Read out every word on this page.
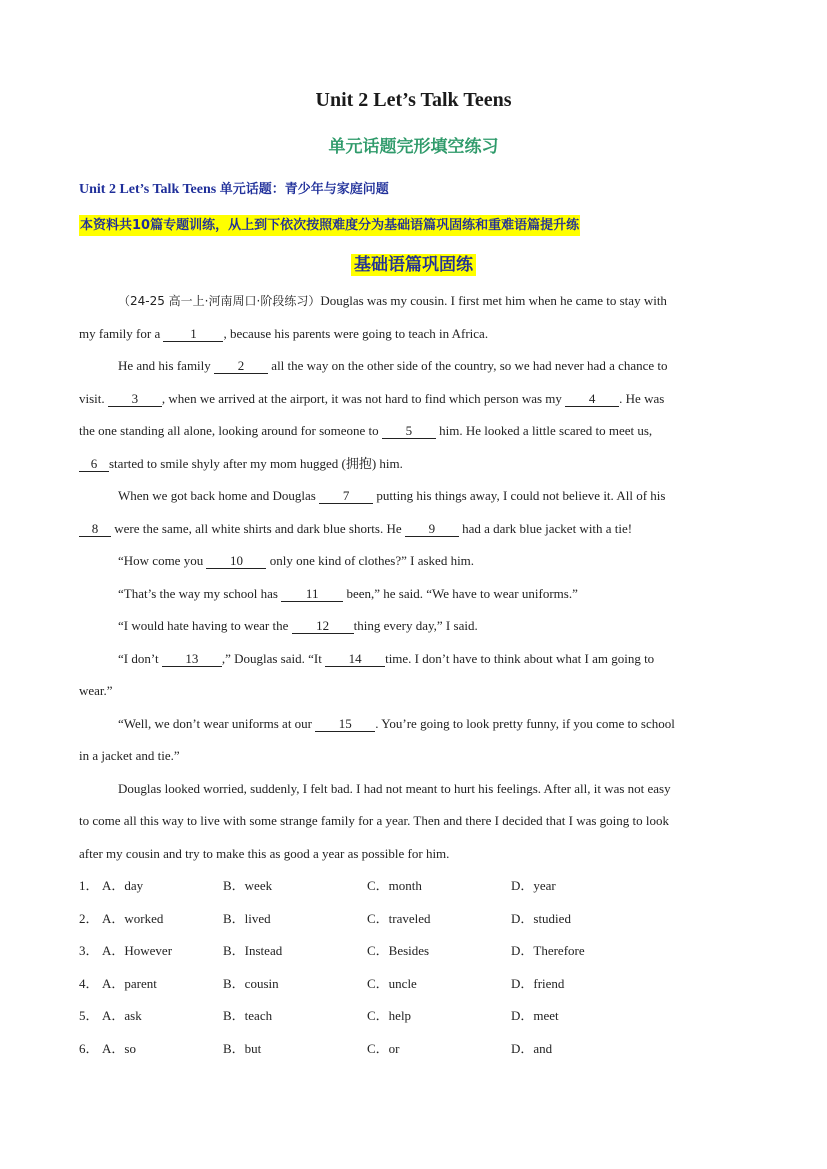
Unit 2 Let’s Talk Teens
单元话题完形填空练习
Unit 2 Let’s Talk Teens 单元话题：青少年与家庭问题
本资料共10篇专题训练，从上到下依次按照难度分为基础语篇巩固练和重难语篇提升练
基础语篇巩固练
（24-25 高一上·河南周口·阶段练习）Douglas was my cousin. I first met him when he came to stay with
my family for a 1 , because his parents were going to teach in Africa.
He and his family 2 all the way on the other side of the country, so we had never had a chance to
visit. 3 , when we arrived at the airport, it was not hard to find which person was my 4 . He was
the one standing all alone, looking around for someone to 5 him. He looked a little scared to meet us,
6 started to smile shyly after my mom hugged (拥抱) him.
When we got back home and Douglas 7 putting his things away, I could not believe it. All of his
8 were the same, all white shirts and dark blue shorts. He 9 had a dark blue jacket with a tie!
“How come you 10 only one kind of clothes?” I asked him.
“That’s the way my school has 11 been,” he said. “We have to wear uniforms.”
“I would hate having to wear the 12 thing every day,” I said.
“I don’t 13 ,” Douglas said. “It 14 time. I don’t have to think about what I am going to
wear.”
“Well, we don’t wear uniforms at our 15 . You’re going to look pretty funny, if you come to school
in a jacket and tie.”
Douglas looked worried, suddenly, I felt bad. I had not meant to hurt his feelings. After all, it was not easy
to come all this way to live with some strange family for a year. Then and there I decided that I was going to look
after my cousin and try to make this as good a year as possible for him.
1． A．day	B．week	C．month	D．year
2． A．worked	B．lived	C．traveled	D．studied
3． A．However	B．Instead	C．Besides	D．Therefore
4． A．parent	B．cousin	C．uncle	D．friend
5． A．ask	B．teach	C．help	D．meet
6． A．so	B．but	C．or	D．and
